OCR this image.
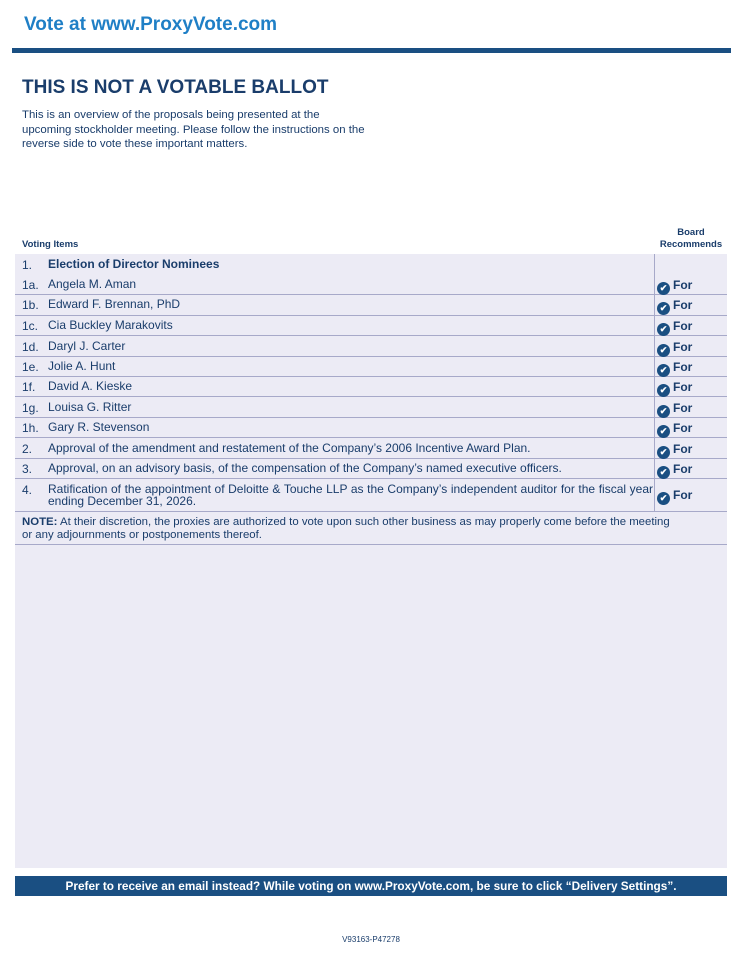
Vote at www.ProxyVote.com
THIS IS NOT A VOTABLE BALLOT
This is an overview of the proposals being presented at the upcoming stockholder meeting. Please follow the instructions on the reverse side to vote these important matters.
Voting Items
Board
Recommends
1. Election of Director Nominees
1a. Angela M. Aman	✔ For
1b. Edward F. Brennan, PhD	✔ For
1c. Cia Buckley Marakovits	✔ For
1d. Daryl J. Carter	✔ For
1e. Jolie A. Hunt	✔ For
1f. David A. Kieske	✔ For
1g. Louisa G. Ritter	✔ For
1h. Gary R. Stevenson	✔ For
2. Approval of the amendment and restatement of the Company’s 2006 Incentive Award Plan.	✔ For
3. Approval, on an advisory basis, of the compensation of the Company’s named executive officers.	✔ For
4. Ratification of the appointment of Deloitte & Touche LLP as the Company’s independent auditor for the fiscal year ending December 31, 2026.	✔ For
NOTE: At their discretion, the proxies are authorized to vote upon such other business as may properly come before the meeting or any adjournments or postponements thereof.
Prefer to receive an email instead? While voting on www.ProxyVote.com, be sure to click “Delivery Settings”.
V93163-P47278
